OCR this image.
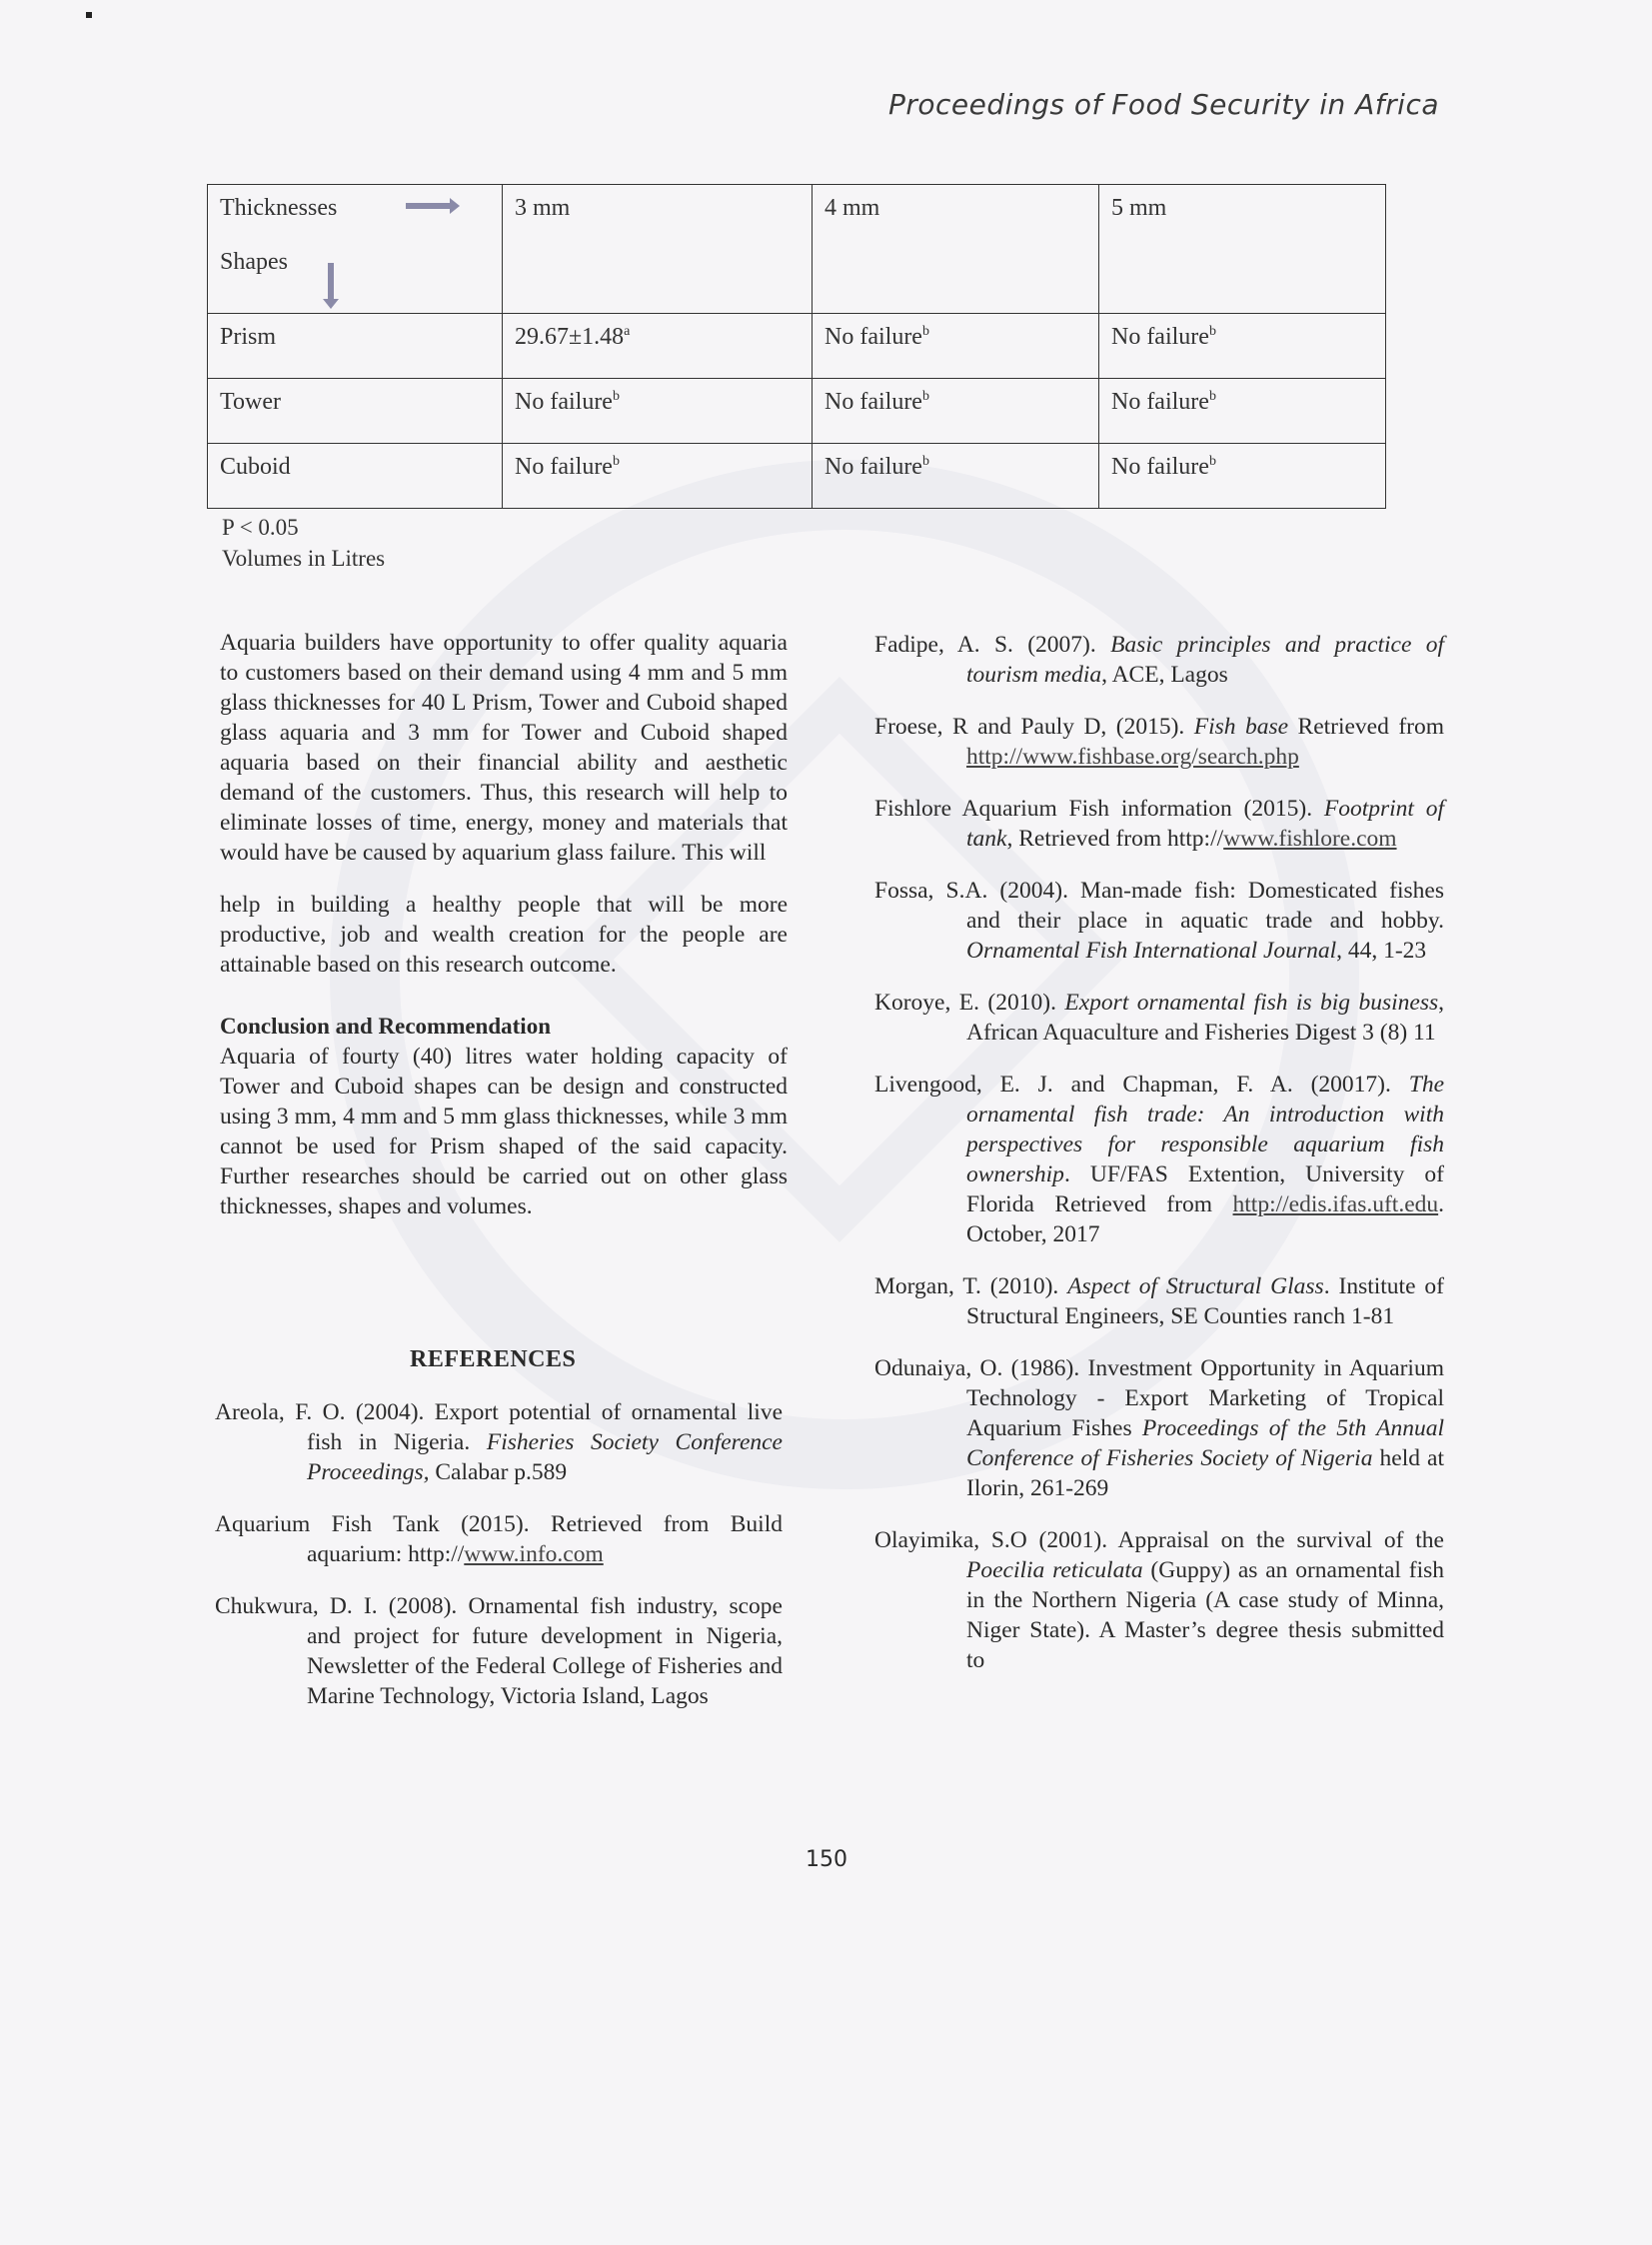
Proceedings of Food Security in Africa
Thicknesses
Shapes	3 mm	4 mm	5 mm
Prism	29.67±1.48$^a$	No failure$^b$	No failure$^b$
Tower	No failure$^b$	No failure$^b$	No failure$^b$
Cuboid	No failure$^b$	No failure$^b$	No failure$^b$
P < 0.05
Volumes in Litres

Aquaria builders have opportunity to offer quality aquaria to customers based on their demand using 4 mm and 5 mm glass thicknesses for 40 L Prism, Tower and Cuboid shaped glass aquaria and 3 mm for Tower and Cuboid shaped aquaria based on their financial ability and aesthetic demand of the customers. Thus, this research will help to eliminate losses of time, energy, money and materials that would have be caused by aquarium glass failure. This will

help in building a healthy people that will be more productive, job and wealth creation for the people are attainable based on this research outcome.

Conclusion and Recommendation

Aquaria of fourty (40) litres water holding capacity of Tower and Cuboid shapes can be design and constructed using 3 mm, 4 mm and 5 mm glass thicknesses, while 3 mm cannot be used for Prism shaped of the said capacity. Further researches should be carried out on other glass thicknesses, shapes and volumes.

REFERENCES

Areola, F. O. (2004). Export potential of ornamental live fish in Nigeria. Fisheries Society Conference Proceedings, Calabar p.589

Aquarium Fish Tank (2015). Retrieved from Build aquarium: http://www.info.com

Chukwura, D. I. (2008). Ornamental fish industry, scope and project for future development in Nigeria, Newsletter of the Federal College of Fisheries and Marine Technology, Victoria Island, Lagos

Fadipe, A. S. (2007). Basic principles and practice of tourism media, ACE, Lagos

Froese, R and Pauly D, (2015). Fish base Retrieved from http://www.fishbase.org/search.php

Fishlore Aquarium Fish information (2015). Footprint of tank, Retrieved from http://www.fishlore.com

Fossa, S.A. (2004). Man-made fish: Domesticated fishes and their place in aquatic trade and hobby. Ornamental Fish International Journal, 44, 1-23

Koroye, E. (2010). Export ornamental fish is big business, African Aquaculture and Fisheries Digest 3 (8) 11

Livengood, E. J. and Chapman, F. A. (20017). The ornamental fish trade: An introduction with perspectives for responsible aquarium fish ownership. UF/FAS Extention, University of Florida Retrieved from http://edis.ifas.uft.edu. October, 2017

Morgan, T. (2010). Aspect of Structural Glass. Institute of Structural Engineers, SE Counties ranch 1-81

Odunaiya, O. (1986). Investment Opportunity in Aquarium Technology - Export Marketing of Tropical Aquarium Fishes Proceedings of the 5th Annual Conference of Fisheries Society of Nigeria held at Ilorin, 261-269

Olayimika, S.O (2001). Appraisal on the survival of the Poecilia reticulata (Guppy) as an ornamental fish in the Northern Nigeria (A case study of Minna, Niger State). A Master’s degree thesis submitted to

150
